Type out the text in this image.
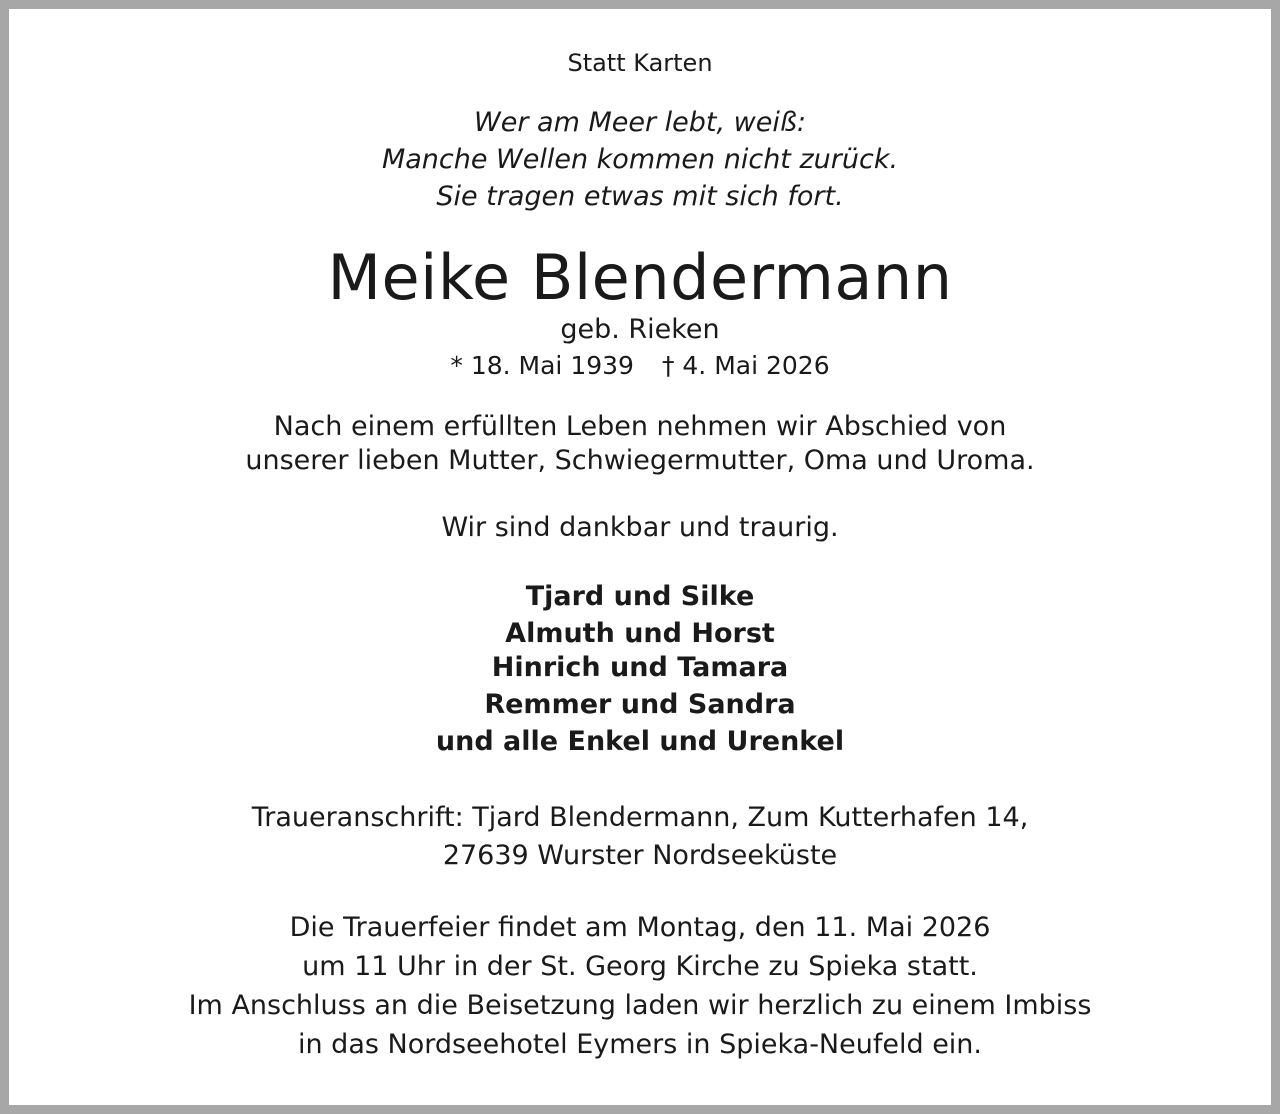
Statt Karten
Wer am Meer lebt, weiß:
Manche Wellen kommen nicht zurück.
Sie tragen etwas mit sich fort.
Meike Blendermann
geb. Rieken
* 18. Mai 1939 † 4. Mai 2026
Nach einem erfüllten Leben nehmen wir Abschied von
unserer lieben Mutter, Schwiegermutter, Oma und Uroma.
Wir sind dankbar und traurig.
Tjard und Silke
Almuth und Horst
Hinrich und Tamara
Remmer und Sandra
und alle Enkel und Urenkel
Traueranschrift: Tjard Blendermann, Zum Kutterhafen 14,
27639 Wurster Nordseeküste
Die Trauerfeier findet am Montag, den 11. Mai 2026
um 11 Uhr in der St. Georg Kirche zu Spieka statt.
Im Anschluss an die Beisetzung laden wir herzlich zu einem Imbiss
in das Nordseehotel Eymers in Spieka-Neufeld ein.
